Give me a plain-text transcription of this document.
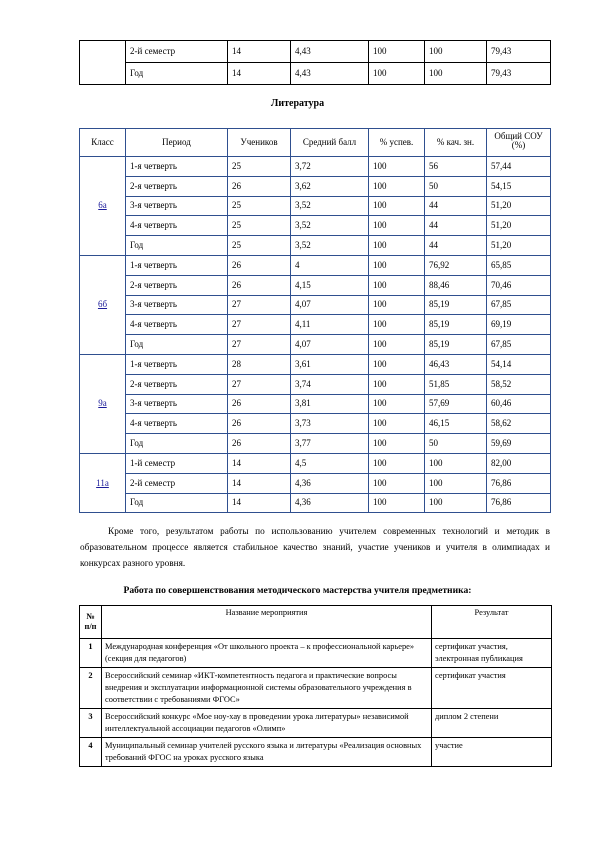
	2-й семестр	14	4,43	100	100	79,43
	Год	14	4,43	100	100	79,43
Литература
Класс	Период	Учеников	Средний балл	% успев.	% кач. зн.	Общий СОУ (%)
6а	1-я четверть	25	3,72	100	56	57,44
	2-я четверть	26	3,62	100	50	54,15
	3-я четверть	25	3,52	100	44	51,20
	4-я четверть	25	3,52	100	44	51,20
	Год	25	3,52	100	44	51,20
6б	1-я четверть	26	4	100	76,92	65,85
	2-я четверть	26	4,15	100	88,46	70,46
	3-я четверть	27	4,07	100	85,19	67,85
	4-я четверть	27	4,11	100	85,19	69,19
	Год	27	4,07	100	85,19	67,85
9а	1-я четверть	28	3,61	100	46,43	54,14
	2-я четверть	27	3,74	100	51,85	58,52
	3-я четверть	26	3,81	100	57,69	60,46
	4-я четверть	26	3,73	100	46,15	58,62
	Год	26	3,77	100	50	59,69
11а	1-й семестр	14	4,5	100	100	82,00
	2-й семестр	14	4,36	100	100	76,86
	Год	14	4,36	100	100	76,86
Кроме того, результатом работы по использованию учителем современных технологий и методик в образовательном процессе является стабильное качество знаний, участие учеников и учителя в олимпиадах и конкурсах разного уровня.
Работа по совершенствования методического мастерства учителя предметника:
№ п/п	Название мероприятия	Результат
1	Международная конференция «От школьного проекта – к профессиональной карьере» (секция для педагогов)	сертификат участия, электронная публикация
2	Всероссийский семинар «ИКТ-компетентность педагога и практические вопросы внедрения и эксплуатации информационной системы образовательного учреждения в соответствии с требованиями ФГОС»	сертификат участия
3	Всероссийский конкурс «Мое ноу-хау в проведении урока литературы» независимой интеллектуальной ассоциации педагогов «Олимп»	диплом 2 степени
4	Муниципальный семинар учителей русского языка и литературы «Реализация основных требований ФГОС на уроках русского языка	участие
